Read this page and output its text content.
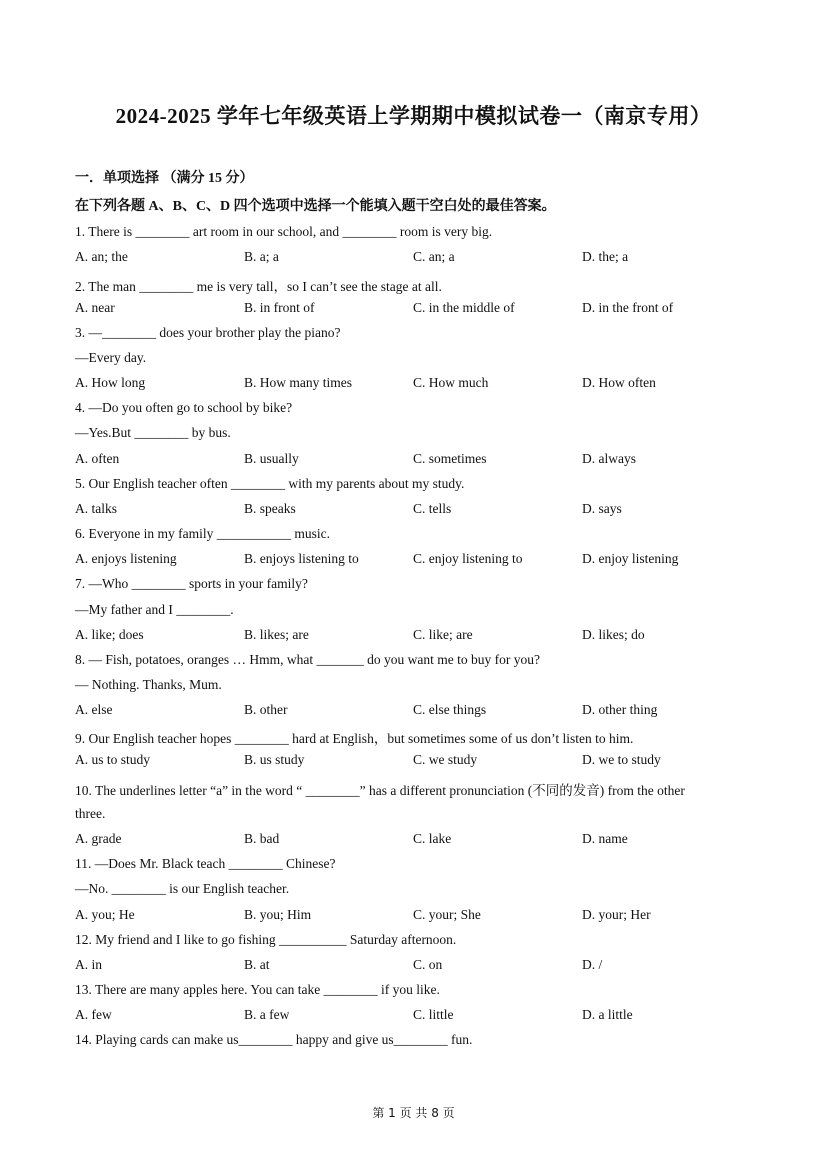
2024-2025 学年七年级英语上学期期中模拟试卷一（南京专用）
一．单项选择 （满分 15 分）
在下列各题 A、B、C、D 四个选项中选择一个能填入题干空白处的最佳答案。
1. There is ________ art room in our school, and ________ room is very big.
A. an; the	B. a; a	C. an; a	D. the; a
2. The man ________ me is very tall，so I can’t see the stage at all.
A. near	B. in front of	C. in the middle of	D. in the front of
3. —________ does your brother play the piano?
—Every day.
A. How long	B. How many times	C. How much	D. How often
4. —Do you often go to school by bike?
—Yes.But ________ by bus.
A. often	B. usually	C. sometimes	D. always
5. Our English teacher often ________ with my parents about my study.
A. talks	B. speaks	C. tells	D. says
6. Everyone in my family ___________ music.
A. enjoys listening	B. enjoys listening to	C. enjoy listening to	D. enjoy listening
7. —Who ________ sports in your family?
—My father and I ________.
A. like; does	B. likes; are	C. like; are	D. likes; do
8. — Fish, potatoes, oranges … Hmm, what _______ do you want me to buy for you?
— Nothing. Thanks, Mum.
A. else	B. other	C. else things	D. other thing
9. Our English teacher hopes ________ hard at English，but sometimes some of us don’t listen to him.
A. us to study	B. us study	C. we study	D. we to study
10. The underlines letter “a” in the word “ ________” has a different pronunciation (不同的发音) from the other
three.
A. grade	B. bad	C. lake	D. name
11. —Does Mr. Black teach ________ Chinese?
—No. ________ is our English teacher.
A. you; He	B. you; Him	C. your; She	D. your; Her
12. My friend and I like to go fishing __________ Saturday afternoon.
A. in	B. at	C. on	D. /
13. There are many apples here. You can take ________ if you like.
A. few	B. a few	C. little	D. a little
14. Playing cards can make us________ happy and give us________ fun.
第 1 页 共 8 页
